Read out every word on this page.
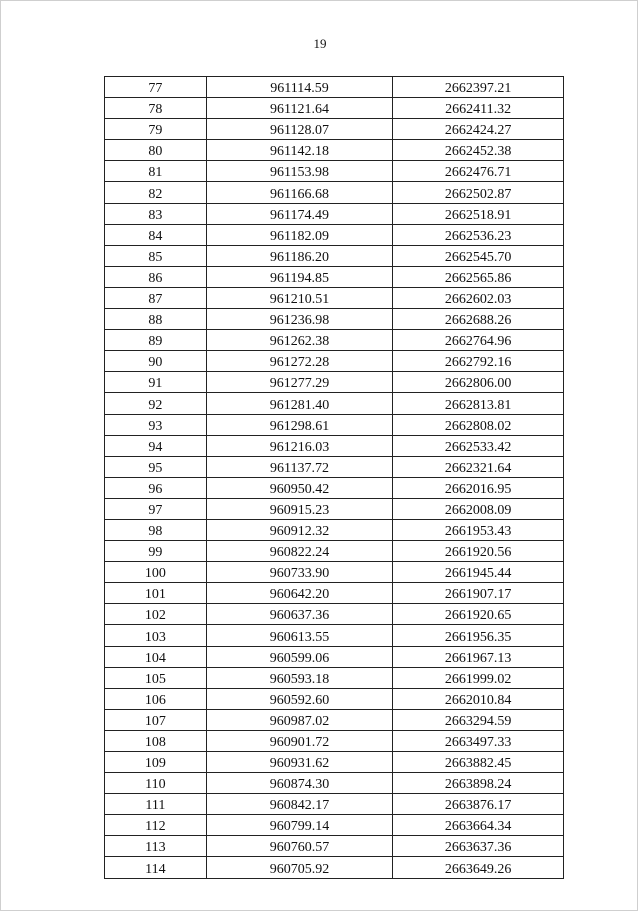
19
77	961114.59	2662397.21
78	961121.64	2662411.32
79	961128.07	2662424.27
80	961142.18	2662452.38
81	961153.98	2662476.71
82	961166.68	2662502.87
83	961174.49	2662518.91
84	961182.09	2662536.23
85	961186.20	2662545.70
86	961194.85	2662565.86
87	961210.51	2662602.03
88	961236.98	2662688.26
89	961262.38	2662764.96
90	961272.28	2662792.16
91	961277.29	2662806.00
92	961281.40	2662813.81
93	961298.61	2662808.02
94	961216.03	2662533.42
95	961137.72	2662321.64
96	960950.42	2662016.95
97	960915.23	2662008.09
98	960912.32	2661953.43
99	960822.24	2661920.56
100	960733.90	2661945.44
101	960642.20	2661907.17
102	960637.36	2661920.65
103	960613.55	2661956.35
104	960599.06	2661967.13
105	960593.18	2661999.02
106	960592.60	2662010.84
107	960987.02	2663294.59
108	960901.72	2663497.33
109	960931.62	2663882.45
110	960874.30	2663898.24
111	960842.17	2663876.17
112	960799.14	2663664.34
113	960760.57	2663637.36
114	960705.92	2663649.26
